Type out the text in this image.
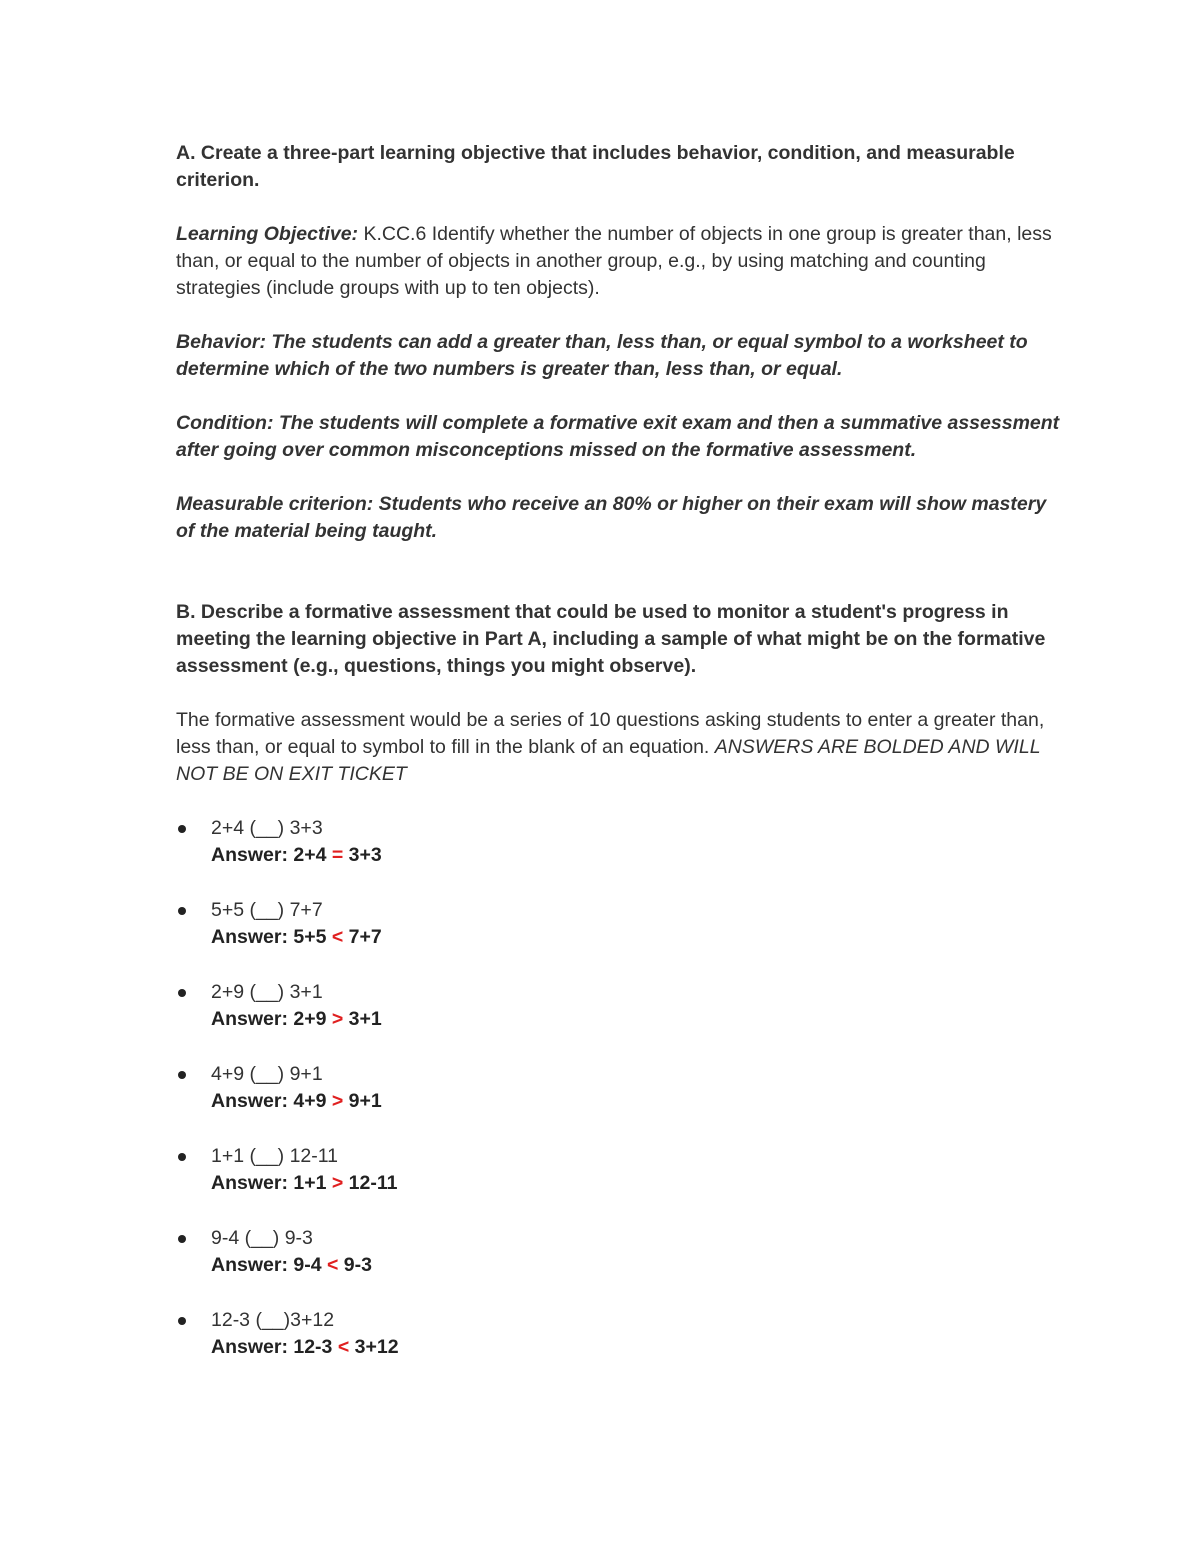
A. Create a three-part learning objective that includes behavior, condition, and measurable criterion.

Learning Objective: K.CC.6 Identify whether the number of objects in one group is greater than, less than, or equal to the number of objects in another group, e.g., by using matching and counting strategies (include groups with up to ten objects).

Behavior: The students can add a greater than, less than, or equal symbol to a worksheet to determine which of the two numbers is greater than, less than, or equal.

Condition: The students will complete a formative exit exam and then a summative assessment after going over common misconceptions missed on the formative assessment.

Measurable criterion: Students who receive an 80% or higher on their exam will show mastery of the material being taught.

B. Describe a formative assessment that could be used to monitor a student's progress in meeting the learning objective in Part A, including a sample of what might be on the formative assessment (e.g., questions, things you might observe).

The formative assessment would be a series of 10 questions asking students to enter a greater than, less than, or equal to symbol to fill in the blank of an equation. ANSWERS ARE BOLDED AND WILL NOT BE ON EXIT TICKET

2+4 (__) 3+3
Answer: 2+4 = 3+3
5+5 (__) 7+7
Answer: 5+5 < 7+7
2+9 (__) 3+1
Answer: 2+9 > 3+1
4+9 (__) 9+1
Answer: 4+9 > 9+1
1+1 (__) 12-11
Answer: 1+1 > 12-11
9-4 (__) 9-3
Answer: 9-4 < 9-3
12-3 (__)3+12
Answer: 12-3 < 3+12
